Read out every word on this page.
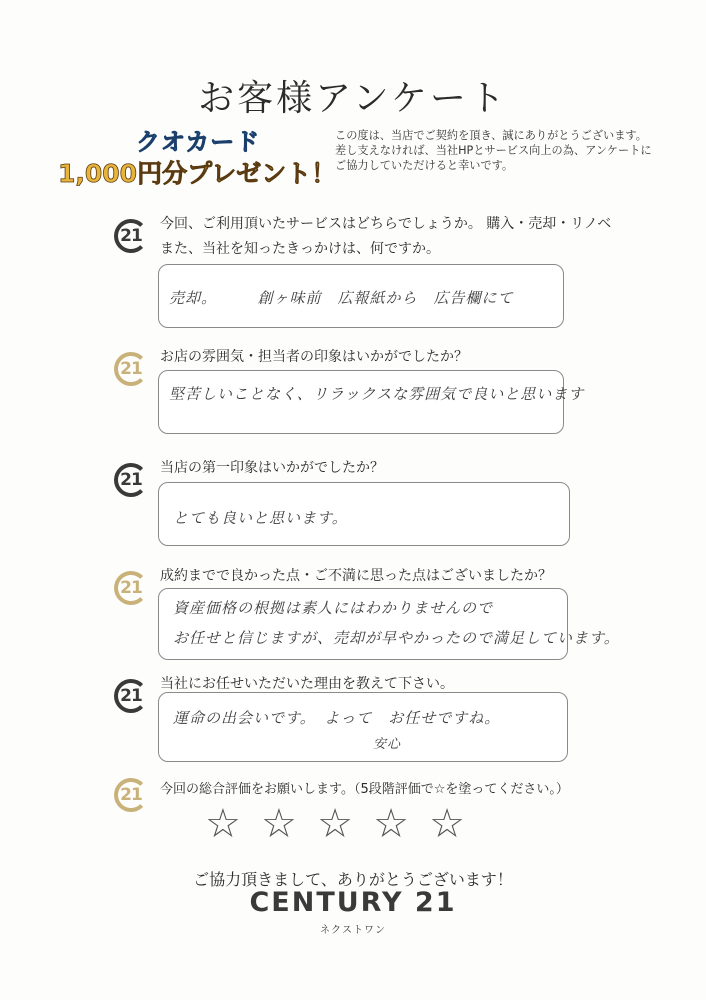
お客様アンケート
クオカード
1,000円分プレゼント！
この度は、当店でご契約を頂き、誠にありがとうございます。差し支えなければ、当社HPとサービス向上の為、アンケートにご協力していただけると幸いです。
21
今回、ご利用頂いたサービスはどちらでしょうか。 購入・売却・リノベ
また、当社を知ったきっかけは、何ですか。
売却。　　　創ヶ味前　広報紙から　広告欄にて
21
お店の雰囲気・担当者の印象はいかがでしたか？
堅苦しいことなく、リラックスな雰囲気で良いと思います
21
当店の第一印象はいかがでしたか？
とても良いと思います。
21
成約までで良かった点・ご不満に思った点はございましたか？
資産価格の根拠は素人にはわかりませんので
お任せと信じますが、売却が早やかったので満足しています。
21
当社にお任せいただいた理由を教えて下さい。
運命の出会いです。　よって　お任せですね。
安心
21	今回の総合評価をお願いします。（5段階評価で☆を塗ってください。）
☆ ☆ ☆ ☆ ☆
ご協力頂きまして、ありがとうございます！
CENTURY 21
ネクストワン
